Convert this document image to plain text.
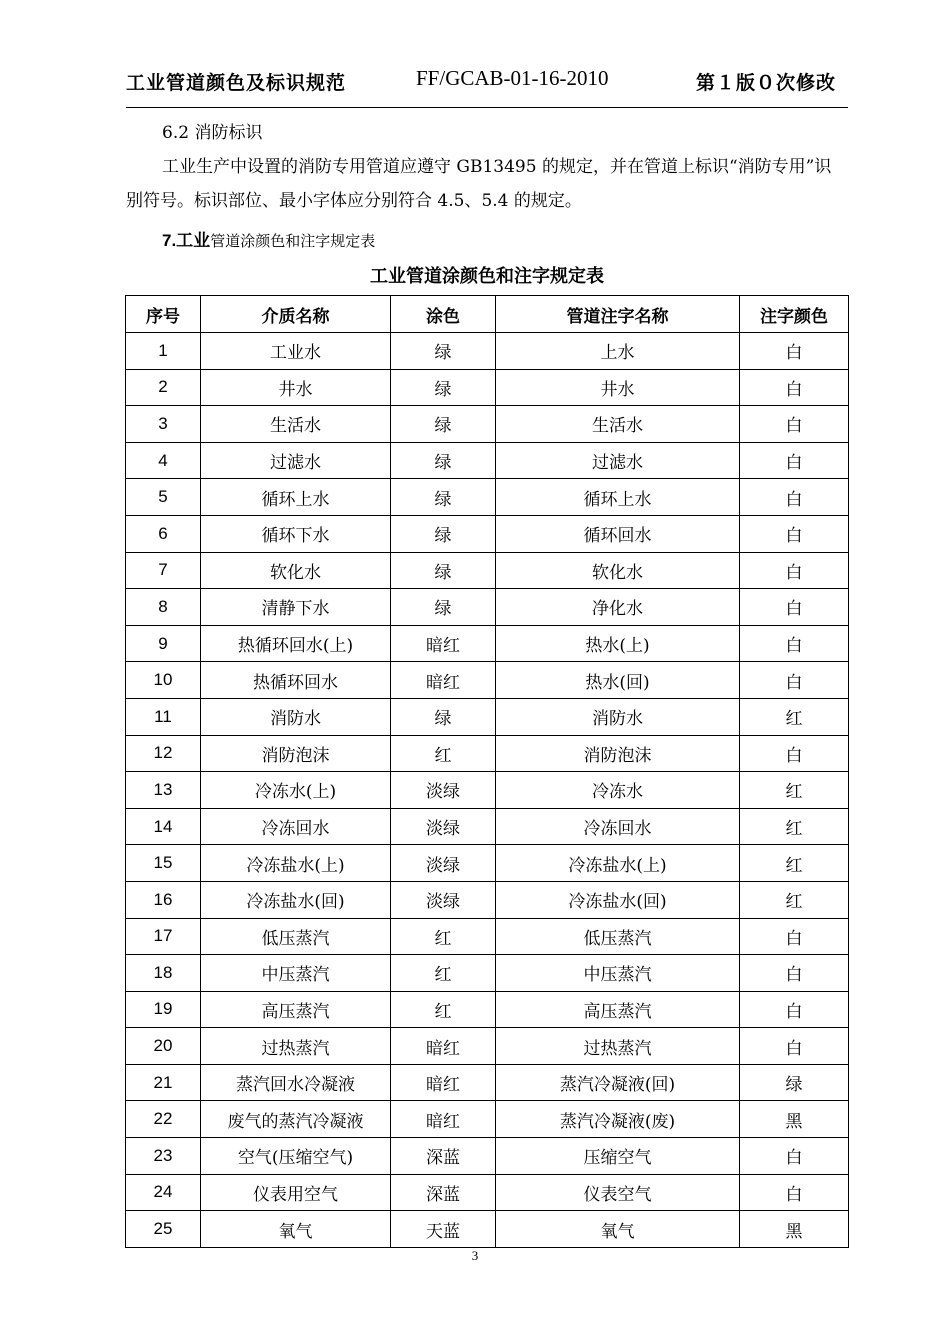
工业管道颜色及标识规范	FF/GCAB-01-16-2010	第１版０次修改
6.2 消防标识
工业生产中设置的消防专用管道应遵守 GB13495 的规定，并在管道上标识“消防专用”识别符号。标识部位、最小字体应分别符合 4.5、5.4 的规定。
7.工业管道涂颜色和注字规定表
工业管道涂颜色和注字规定表
序号	介质名称	涂色	管道注字名称	注字颜色
1	工业水	绿	上水	白
2	井水	绿	井水	白
3	生活水	绿	生活水	白
4	过滤水	绿	过滤水	白
5	循环上水	绿	循环上水	白
6	循环下水	绿	循环回水	白
7	软化水	绿	软化水	白
8	清静下水	绿	净化水	白
9	热循环回水(上)	暗红	热水(上)	白
10	热循环回水	暗红	热水(回)	白
11	消防水	绿	消防水	红
12	消防泡沫	红	消防泡沫	白
13	冷冻水(上)	淡绿	冷冻水	红
14	冷冻回水	淡绿	冷冻回水	红
15	冷冻盐水(上)	淡绿	冷冻盐水(上)	红
16	冷冻盐水(回)	淡绿	冷冻盐水(回)	红
17	低压蒸汽	红	低压蒸汽	白
18	中压蒸汽	红	中压蒸汽	白
19	高压蒸汽	红	高压蒸汽	白
20	过热蒸汽	暗红	过热蒸汽	白
21	蒸汽回水冷凝液	暗红	蒸汽冷凝液(回)	绿
22	废气的蒸汽冷凝液	暗红	蒸汽冷凝液(废)	黑
23	空气(压缩空气)	深蓝	压缩空气	白
24	仪表用空气	深蓝	仪表空气	白
25	氧气	天蓝	氧气	黑
3
